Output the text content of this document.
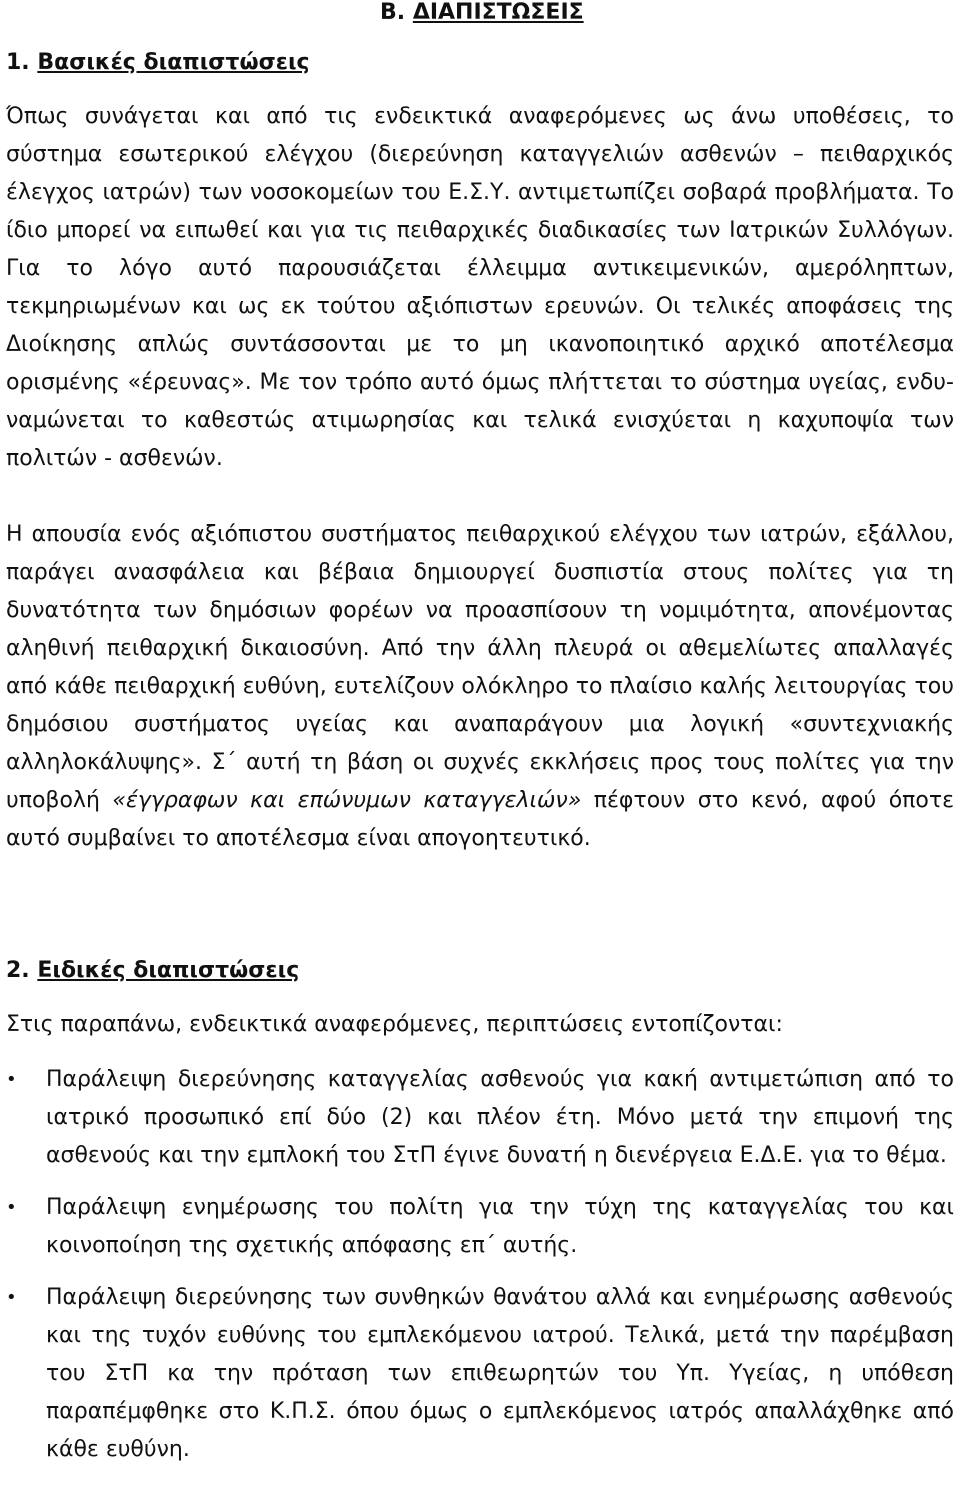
Β. ΔΙΑΠΙΣΤΩΣΕΙΣ
1. Βασικές διαπιστώσεις

Όπως συνάγεται και από τις ενδεικτικά αναφερόμενες ως άνω υποθέσεις, το σύστημα εσωτερικού ελέγχου (διερεύνηση καταγγελιών ασθενών – πειθαρχικός έλεγχος ιατρών) των νοσοκομείων του Ε.Σ.Υ. αντιμετωπίζει σοβαρά προβλήματα. Το ίδιο μπορεί να ειπωθεί και για τις πειθαρχικές διαδικασίες των Ιατρικών Συλλόγων. Για το λόγο αυτό παρουσιάζεται έλλειμμα αντικειμενικών, αμερόληπτων, τεκμηριωμένων και ως εκ τούτου αξιόπιστων ερευνών. Οι τελικές αποφάσεις της Διοίκησης απλώς συντάσσονται με το μη ικανοποιητικό αρχικό αποτέλεσμα ορισμένης «έρευνας». Με τον τρόπο αυτό όμως πλήττεται το σύστημα υγείας, ενδυναμώνεται το καθεστώς ατιμωρησίας και τελικά ενισχύεται η καχυποψία των πολιτών - ασθενών.

Η απουσία ενός αξιόπιστου συστήματος πειθαρχικού ελέγχου των ιατρών, εξάλλου, παράγει ανασφάλεια και βέβαια δημιουργεί δυσπιστία στους πολίτες για τη δυνατότητα των δημόσιων φορέων να προασπίσουν τη νομιμότητα, απονέμοντας αληθινή πειθαρχική δικαιοσύνη. Από την άλλη πλευρά οι αθεμελίωτες απαλλαγές από κάθε πειθαρχική ευθύνη, ευτελίζουν ολόκληρο το πλαίσιο καλής λειτουργίας του δημόσιου συστήματος υγείας και αναπαράγουν μια λογική «συντεχνιακής αλληλοκάλυψης». Σ΄ αυτή τη βάση οι συχνές εκκλήσεις προς τους πολίτες για την υποβολή «έγγραφων και επώνυμων καταγγελιών» πέφτουν στο κενό, αφού όποτε αυτό συμβαίνει το αποτέλεσμα είναι απογοητευτικό.

2. Ειδικές διαπιστώσεις

Στις παραπάνω, ενδεικτικά αναφερόμενες, περιπτώσεις εντοπίζονται:

• Παράλειψη διερεύνησης καταγγελίας ασθενούς για κακή αντιμετώπιση από το ιατρικό προσωπικό επί δύο (2) και πλέον έτη. Μόνο μετά την επιμονή της ασθενούς και την εμπλοκή του ΣτΠ έγινε δυνατή η διενέργεια Ε.Δ.Ε. για το θέμα.
• Παράλειψη ενημέρωσης του πολίτη για την τύχη της καταγγελίας του και κοινοποίηση της σχετικής απόφασης επ΄ αυτής.
• Παράλειψη διερεύνησης των συνθηκών θανάτου αλλά και ενημέρωσης ασθενούς και της τυχόν ευθύνης του εμπλεκόμενου ιατρού. Τελικά, μετά την παρέμβαση του ΣτΠ κα την πρόταση των επιθεωρητών του Υπ. Υγείας, η υπόθεση παραπέμφθηκε στο Κ.Π.Σ. όπου όμως ο εμπλεκόμενος ιατρός απαλλάχθηκε από κάθε ευθύνη.
